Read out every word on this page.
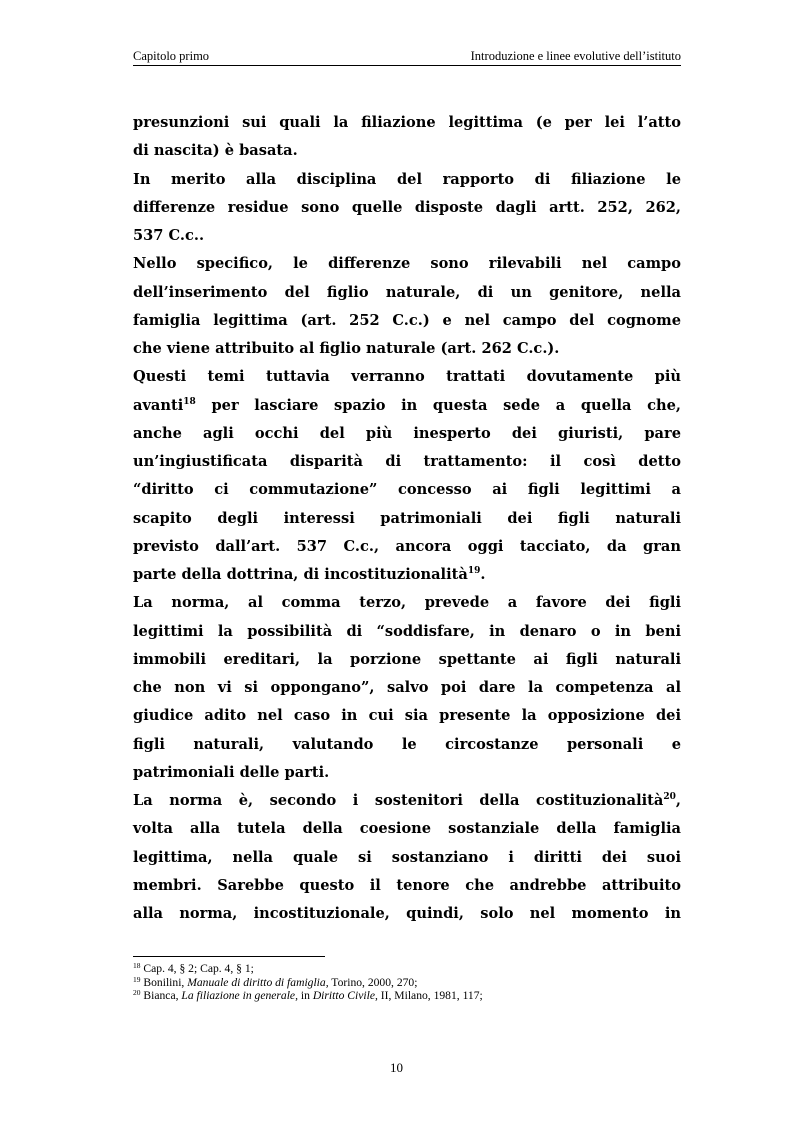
Capitolo primo	Introduzione e linee evolutive dell’istituto
presunzioni sui quali la filiazione legittima (e per lei l’atto
di nascita) è basata.
In merito alla disciplina del rapporto di filiazione le
differenze residue sono quelle disposte dagli artt. 252, 262,
537 C.c..
Nello specifico, le differenze sono rilevabili nel campo
dell’inserimento del figlio naturale, di un genitore, nella
famiglia legittima (art. 252 C.c.) e nel campo del cognome
che viene attribuito al figlio naturale (art. 262 C.c.).
Questi temi tuttavia verranno trattati dovutamente più
avanti$^{18}$ per lasciare spazio in questa sede a quella che,
anche agli occhi del più inesperto dei giuristi, pare
un’ingiustificata disparità di trattamento: il così detto
“diritto ci commutazione” concesso ai figli legittimi a
scapito degli interessi patrimoniali dei figli naturali
previsto dall’art. 537 C.c., ancora oggi tacciato, da gran
parte della dottrina, di incostituzionalità$^{19}$.
La norma, al comma terzo, prevede a favore dei figli
legittimi la possibilità di “soddisfare, in denaro o in beni
immobili ereditari, la porzione spettante ai figli naturali
che non vi si oppongano”, salvo poi dare la competenza al
giudice adito nel caso in cui sia presente la opposizione dei
figli naturali, valutando le circostanze personali e
patrimoniali delle parti.
La norma è, secondo i sostenitori della costituzionalità$^{20}$,
volta alla tutela della coesione sostanziale della famiglia
legittima, nella quale si sostanziano i diritti dei suoi
membri. Sarebbe questo il tenore che andrebbe attribuito
alla norma, incostituzionale, quindi, solo nel momento in
$^{18}$ Cap. 4, § 2; Cap. 4, § 1;
$^{19}$ Bonilini, Manuale di diritto di famiglia, Torino, 2000, 270;
$^{20}$ Bianca, La filiazione in generale, in Diritto Civile, II, Milano, 1981, 117;
10
